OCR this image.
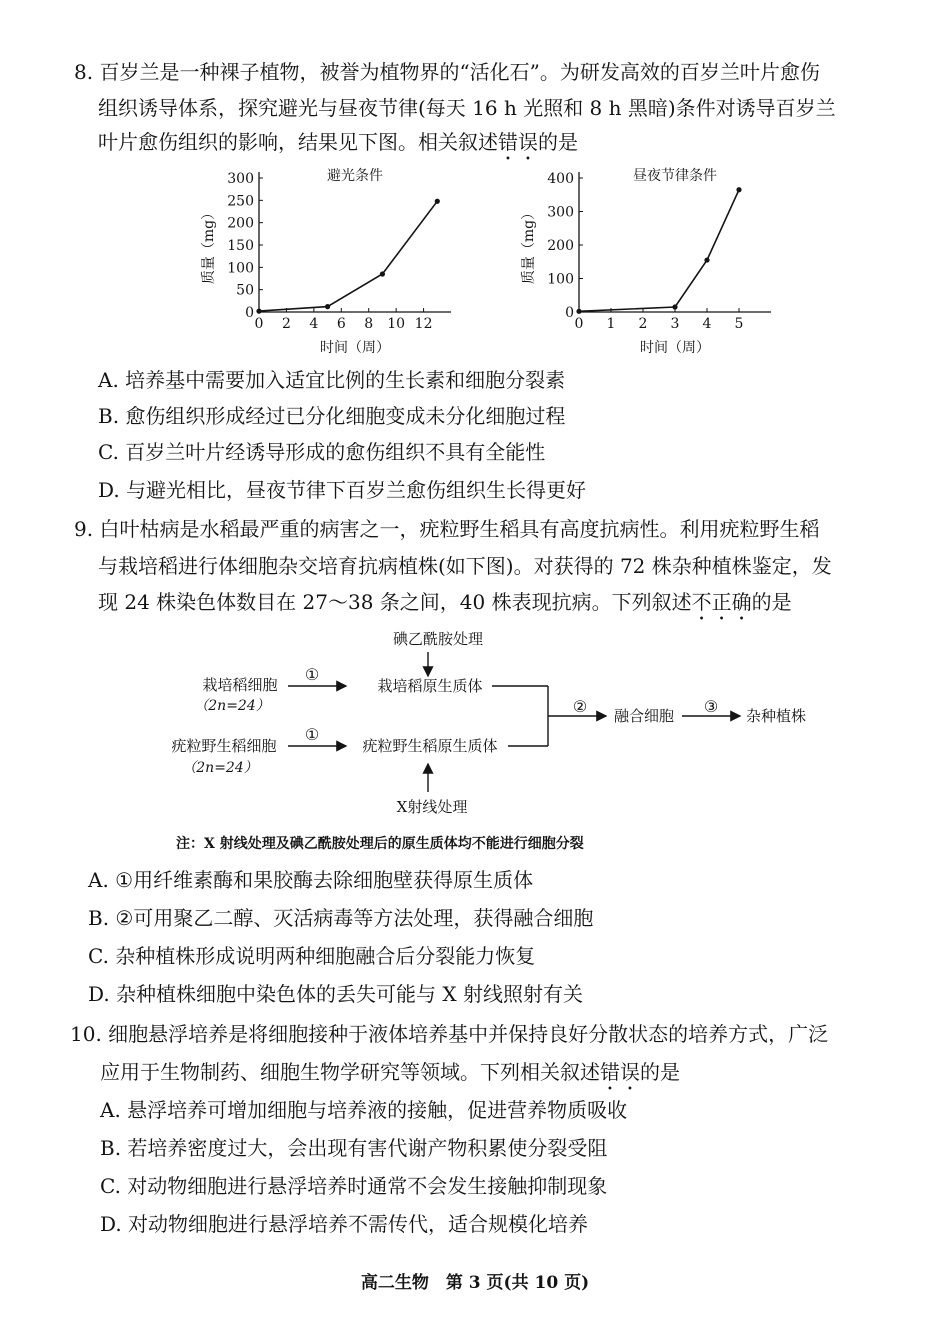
8. 百岁兰是一种裸子植物，被誉为植物界的“活化石”。为研发高效的百岁兰叶片愈伤
组织诱导体系，探究避光与昼夜节律(每天 16 h 光照和 8 h 黑暗)条件对诱导百岁兰
叶片愈伤组织的影响，结果见下图。相关叙述错误的是
避光条件
0
50
100
150
200
250
300
0 2 4 6 8 10 12
时间（周）
质量（mg）
昼夜节律条件
0
100
200
300
400
0 1 2 3 4 5
时间（周）
质量（mg）
A. 培养基中需要加入适宜比例的生长素和细胞分裂素
B. 愈伤组织形成经过已分化细胞变成未分化细胞过程
C. 百岁兰叶片经诱导形成的愈伤组织不具有全能性
D. 与避光相比，昼夜节律下百岁兰愈伤组织生长得更好
9. 白叶枯病是水稻最严重的病害之一，疣粒野生稻具有高度抗病性。利用疣粒野生稻
与栽培稻进行体细胞杂交培育抗病植株(如下图)。对获得的 72 株杂种植株鉴定，发
现 24 株染色体数目在 27～38 条之间，40 株表现抗病。下列叙述不正确的是
碘乙酰胺处理
栽培稻细胞
（2n=24）
①
栽培稻原生质体
疣粒野生稻细胞
（2n=24）
①
疣粒野生稻原生质体
② 融合细胞 ③ 杂种植株
X射线处理
注：X 射线处理及碘乙酰胺处理后的原生质体均不能进行细胞分裂
A. ①用纤维素酶和果胶酶去除细胞壁获得原生质体
B. ②可用聚乙二醇、灭活病毒等方法处理，获得融合细胞
C. 杂种植株形成说明两种细胞融合后分裂能力恢复
D. 杂种植株细胞中染色体的丢失可能与 X 射线照射有关
10. 细胞悬浮培养是将细胞接种于液体培养基中并保持良好分散状态的培养方式，广泛
应用于生物制药、细胞生物学研究等领域。下列相关叙述错误的是
A. 悬浮培养可增加细胞与培养液的接触，促进营养物质吸收
B. 若培养密度过大，会出现有害代谢产物积累使分裂受阻
C. 对动物细胞进行悬浮培养时通常不会发生接触抑制现象
D. 对动物细胞进行悬浮培养不需传代，适合规模化培养
高二生物　第 3 页(共 10 页)
